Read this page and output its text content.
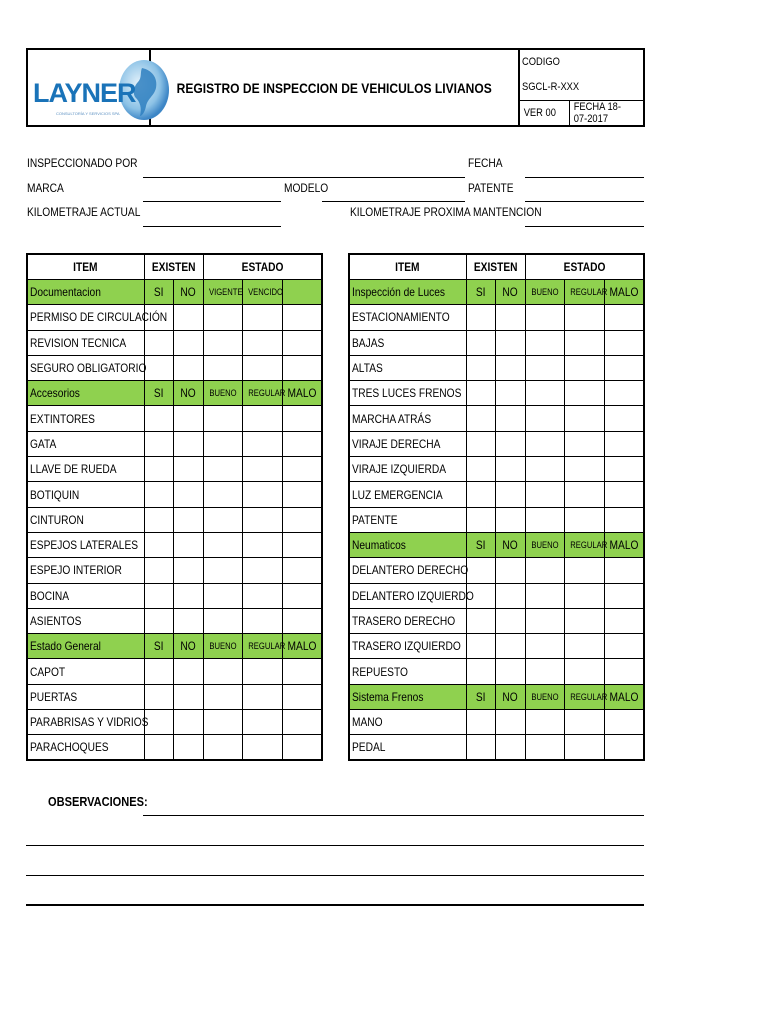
LAYNER
CONSULTORÍA Y SERVICIOS SPA
REGISTRO DE INSPECCION DE VEHICULOS LIVIANOS
CODIGO
SGCL-R-XXX
VER 00 FECHA 18-07-2017
INSPECCIONADO POR	FECHA
MARCA	MODELO	PATENTE
KILOMETRAJE ACTUAL	KILOMETRAJE PROXIMA MANTENCION
ITEM	EXISTEN		ESTADO		
Documentacion	SI	NO	VIGENTE	VENCIDO	
PERMISO DE CIRCULACIÓN					
REVISION TECNICA					
SEGURO OBLIGATORIO					
Accesorios	SI	NO	BUENO	REGULAR	MALO
EXTINTORES					
GATA					
LLAVE DE RUEDA					
BOTIQUIN					
CINTURON					
ESPEJOS LATERALES					
ESPEJO INTERIOR					
BOCINA					
ASIENTOS					
Estado General	SI	NO	BUENO	REGULAR	MALO
CAPOT					
PUERTAS					
PARABRISAS Y VIDRIOS					
PARACHOQUES					
ITEM	EXISTEN		ESTADO		
Inspección de Luces	SI	NO	BUENO	REGULAR	MALO
ESTACIONAMIENTO					
BAJAS					
ALTAS					
TRES LUCES FRENOS					
MARCHA ATRÁS					
VIRAJE DERECHA					
VIRAJE IZQUIERDA					
LUZ EMERGENCIA					
PATENTE					
Neumaticos	SI	NO	BUENO	REGULAR	MALO
DELANTERO DERECHO					
DELANTERO IZQUIERDO					
TRASERO DERECHO					
TRASERO IZQUIERDO					
REPUESTO					
Sistema Frenos	SI	NO	BUENO	REGULAR	MALO
MANO					
PEDAL					
OBSERVACIONES:
